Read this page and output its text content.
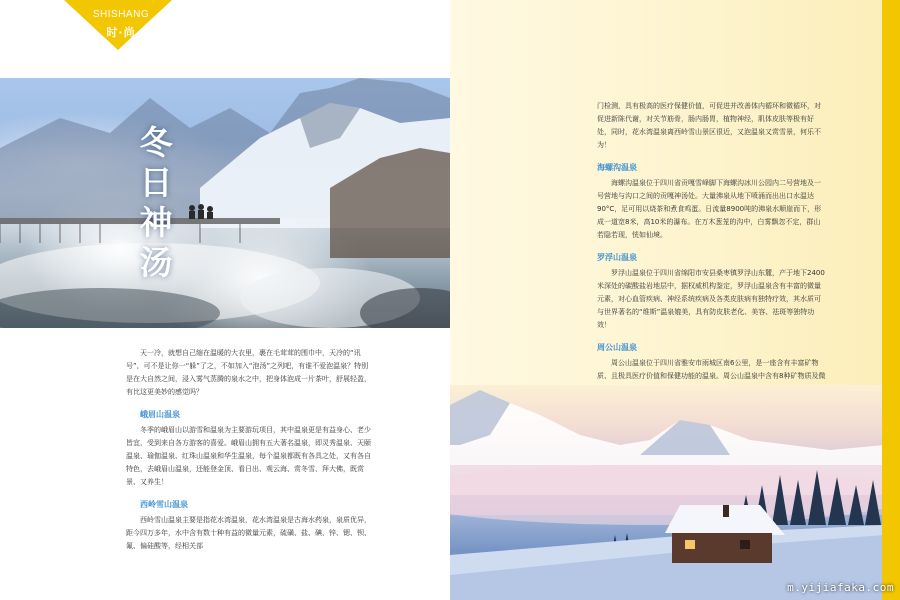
SHISHANG
时·尚
冬日神汤

天一冷，就想自己缩在温暖的大衣里，裹在毛茸茸的围巾中，天冷的“讯号”，可不是让你一“躲”了之，不如加入“泡汤”之列吧，有谁不爱泡温泉？特别是在大自然之间，浸入雾气蒸腾的泉水之中，把身体泡成一片茶叶，舒展轻盈，有比这更美妙的感觉吗？

峨眉山温泉

冬季的峨眉山以游雪和温泉为主要游玩项目，其中温泉更是有益身心、老少皆宜，受到来自各方游客的喜爱。峨眉山拥有五大著名温泉，即灵秀温泉、天颐温泉、瑜伽温泉、红珠山温泉和华生温泉，每个温泉都既有各具之处，又有各自特色，去峨眉山温泉，还能登金顶、看日出、观云海、赏冬雪、拜大佛，既赏景、又养生！

西岭雪山温泉

西岭雪山温泉主要是指花水湾温泉，花水湾温泉是古海水药泉，泉质优异，距今四万多年，水中含有数十种有益的微量元素，硫磺、盐、碘、锌、锶、钡、氟、偏硅酸等，经相关部

门检测，具有极高的医疗保健价值，可促进并改善体内循环和微循环，对促进新陈代谢，对关节筋骨，肠内肠胃，植物神经，肌体皮肤等极有好处，同时，花水湾温泉离西岭雪山景区很近，又泡温泉又赏雪景，何乐不为！

海螺沟温泉

海螺沟温泉位于四川省贡嘎雪峰脚下海螺沟冰川公园内二号营地及一号营地与沟口之间的贡嘎神汤处。大量沸泉从地下喷涌而出出口水温达90°C，足可用以烧茶和煮食鸡蛋。日流量8900吨的沸泉水顺崖而下，形成一道宽8米，高10米的瀑布。在万木葱茏的沟中，白雾飘忽不定，群山若隐若现，恍如仙境。

罗浮山温泉

罗浮山温泉位于四川省绵阳市安县桑枣镇罗浮山东麓，产于地下2400米深处的碳酸盐岩地层中，据权威机构鉴定，罗浮山温泉含有丰富的微量元素，对心血管疾病、神经系统疾病及各类皮肤病有独特疗效，其水质可与世界著名的“维斯”温泉媲美，具有防皮肤老化、美容、祛斑等独特功效！

周公山温泉

周公山温泉位于四川省雅安市雨城区南6公里，是一座含有丰富矿物质、且极具医疗价值和保健功能的温泉。周公山温泉中含有8种矿物质及微

m.yijiafaka.com
